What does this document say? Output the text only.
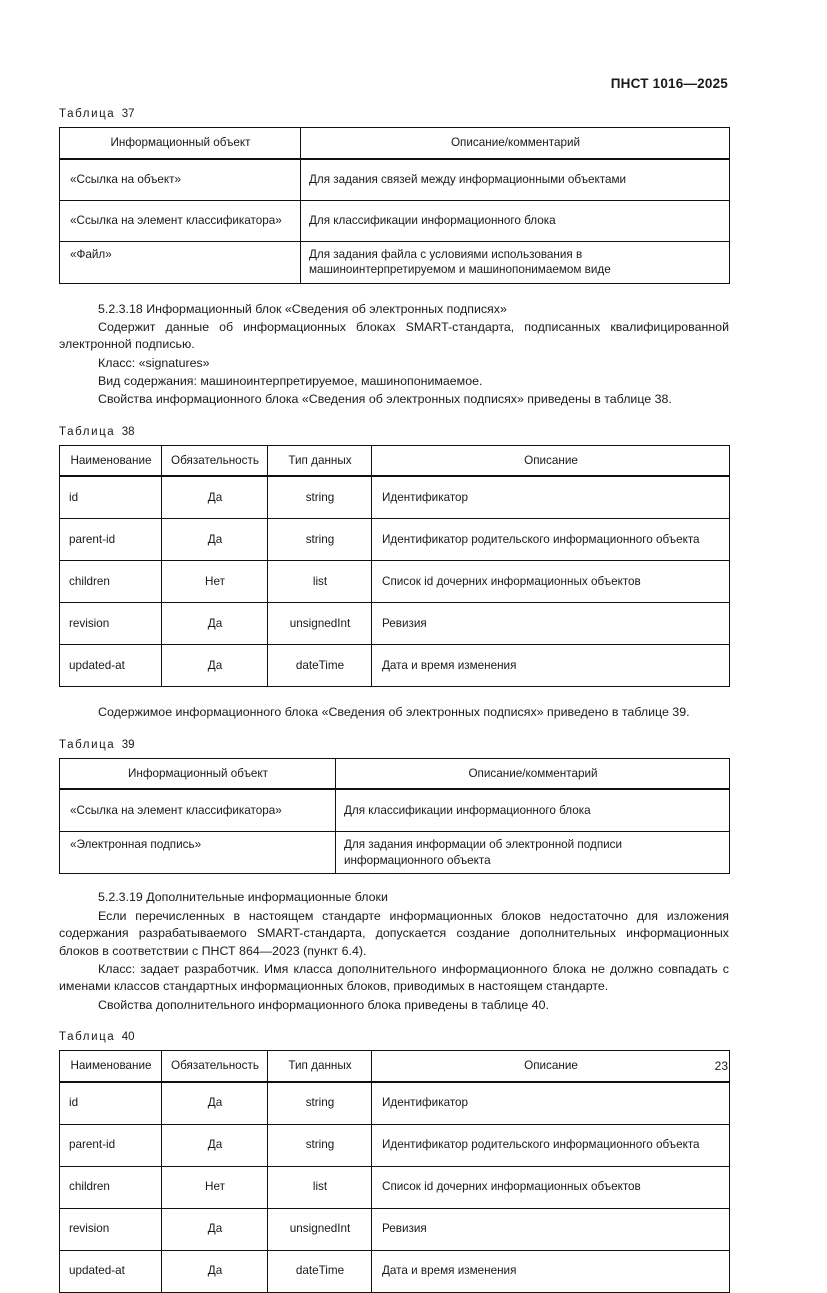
ПНСТ 1016—2025

Таблица 37

Информационный объект	Описание/комментарий
«Ссылка на объект»	Для задания связей между информационными объектами
«Ссылка на элемент классификатора»	Для классификации информационного блока
«Файл»	Для задания файла с условиями использования в машиноинтерпретируемом и машинопонимаемом виде

5.2.3.18 Информационный блок «Сведения об электронных подписях»

Содержит данные об информационных блоках SMART-стандарта, подписанных квалифицированной электронной подписью.

Класс: «signatures»

Вид содержания: машиноинтерпретируемое, машинопонимаемое.

Свойства информационного блока «Сведения об электронных подписях» приведены в таблице 38.

Таблица 38

Наименование	Обязательность	Тип данных	Описание
id	Да	string	Идентификатор
parent-id	Да	string	Идентификатор родительского информационного объекта
children	Нет	list	Список id дочерних информационных объектов
revision	Да	unsignedInt	Ревизия
updated-at	Да	dateTime	Дата и время изменения

Содержимое информационного блока «Сведения об электронных подписях» приведено в таблице 39.

Таблица 39

Информационный объект	Описание/комментарий
«Ссылка на элемент классификатора»	Для классификации информационного блока
«Электронная подпись»	Для задания информации об электронной подписи информационного объекта

5.2.3.19 Дополнительные информационные блоки

Если перечисленных в настоящем стандарте информационных блоков недостаточно для изложения содержания разрабатываемого SMART-стандарта, допускается создание дополнительных информационных блоков в соответствии с ПНСТ 864—2023 (пункт 6.4).

Класс: задает разработчик. Имя класса дополнительного информационного блока не должно совпадать с именами классов стандартных информационных блоков, приводимых в настоящем стандарте.

Свойства дополнительного информационного блока приведены в таблице 40.

Таблица 40

Наименование	Обязательность	Тип данных	Описание
id	Да	string	Идентификатор
parent-id	Да	string	Идентификатор родительского информационного объекта
children	Нет	list	Список id дочерних информационных объектов
revision	Да	unsignedInt	Ревизия
updated-at	Да	dateTime	Дата и время изменения
23
